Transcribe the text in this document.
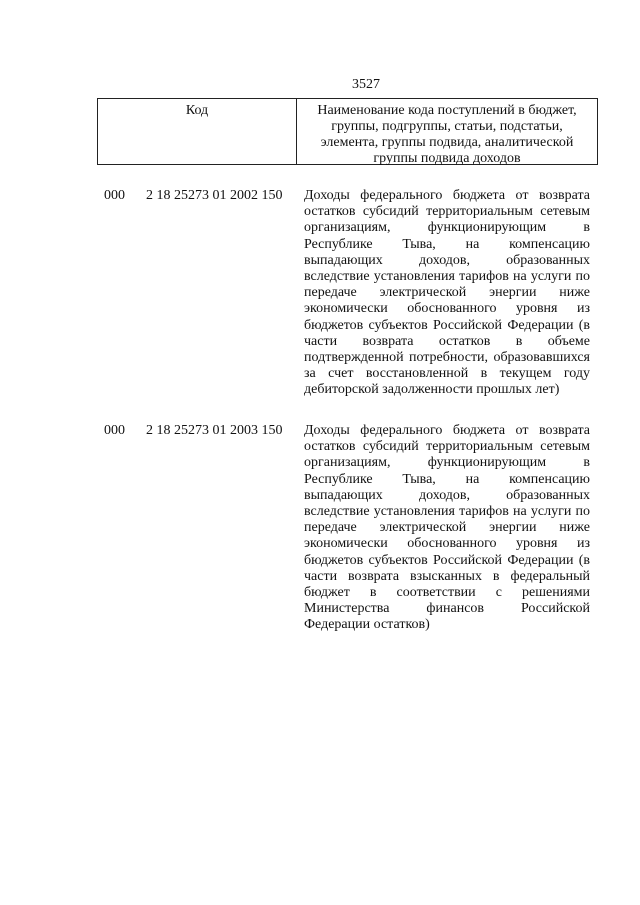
3527
Код	Наименование кода поступлений в бюджет, группы, подгруппы, статьи, подстатьи, элемента, группы подвида, аналитической группы подвида доходов
000 2 18 25273 01 2002 150 Доходы федерального бюджета от возврата остатков субсидий территориальным сетевым организациям, функционирующим в Республике Тыва, на компенсацию выпадающих доходов, образованных вследствие установления тарифов на услуги по передаче электрической энергии ниже экономически обоснованного уровня из бюджетов субъектов Российской Федерации (в части возврата остатков в объеме подтвержденной потребности, образовавшихся за счет восстановленной в текущем году дебиторской задолженности прошлых лет)
000 2 18 25273 01 2003 150 Доходы федерального бюджета от возврата остатков субсидий территориальным сетевым организациям, функционирующим в Республике Тыва, на компенсацию выпадающих доходов, образованных вследствие установления тарифов на услуги по передаче электрической энергии ниже экономически обоснованного уровня из бюджетов субъектов Российской Федерации (в части возврата взысканных в федеральный бюджет в соответствии с решениями Министерства финансов Российской Федерации остатков)
